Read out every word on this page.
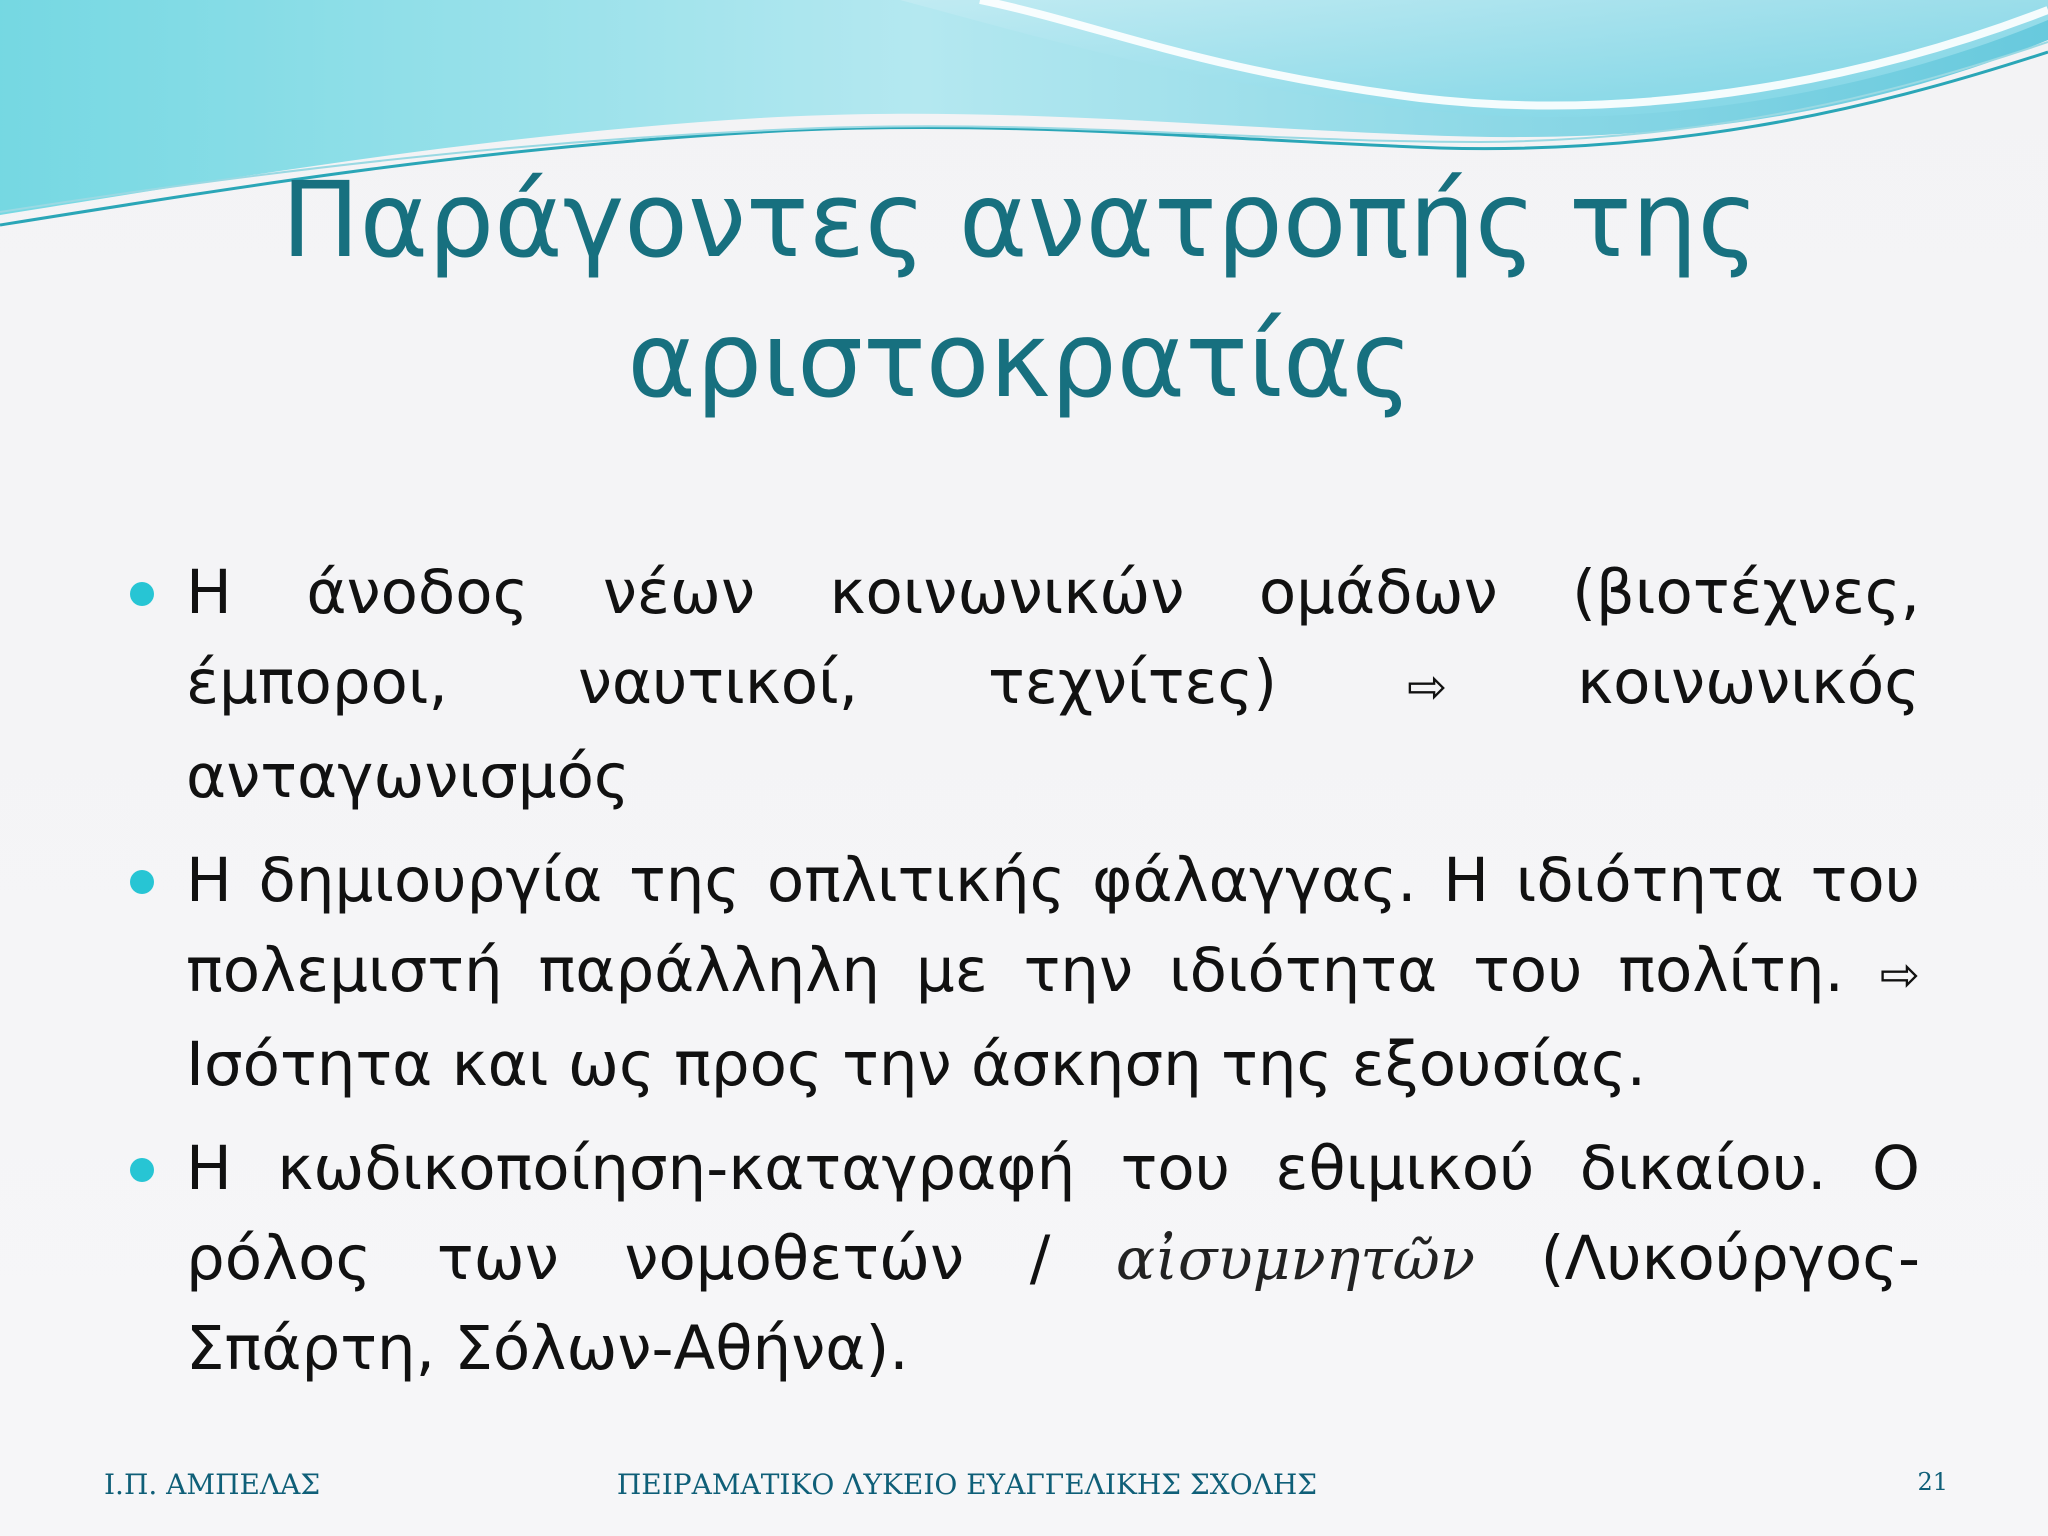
Παράγοντες ανατροπής της
αριστοκρατίας
Η άνοδος νέων κοινωνικών ομάδων (βιοτέχνες, έμποροι, ναυτικοί, τεχνίτες)	⇨ κοινωνικός ανταγωνισμός
Η δημιουργία της οπλιτικής φάλαγγας. Η ιδιότητα του πολεμιστή παράλληλη με την ιδιότητα του πολίτη. ⇨ Ισότητα και ως προς την άσκηση της εξουσίας.
Η κωδικοποίηση-καταγραφή του εθιμικού δικαίου. Ο ρόλος των νομοθετών / αἰσυμνητῶν (Λυκούργος-Σπάρτη, Σόλων-Αθήνα).
Ι.Π. ΑΜΠΕΛΑΣ	ΠΕΙΡΑΜΑΤΙΚΟ ΛΥΚΕΙΟ ΕΥΑΓΓΕΛΙΚΗΣ ΣΧΟΛΗΣ	21
